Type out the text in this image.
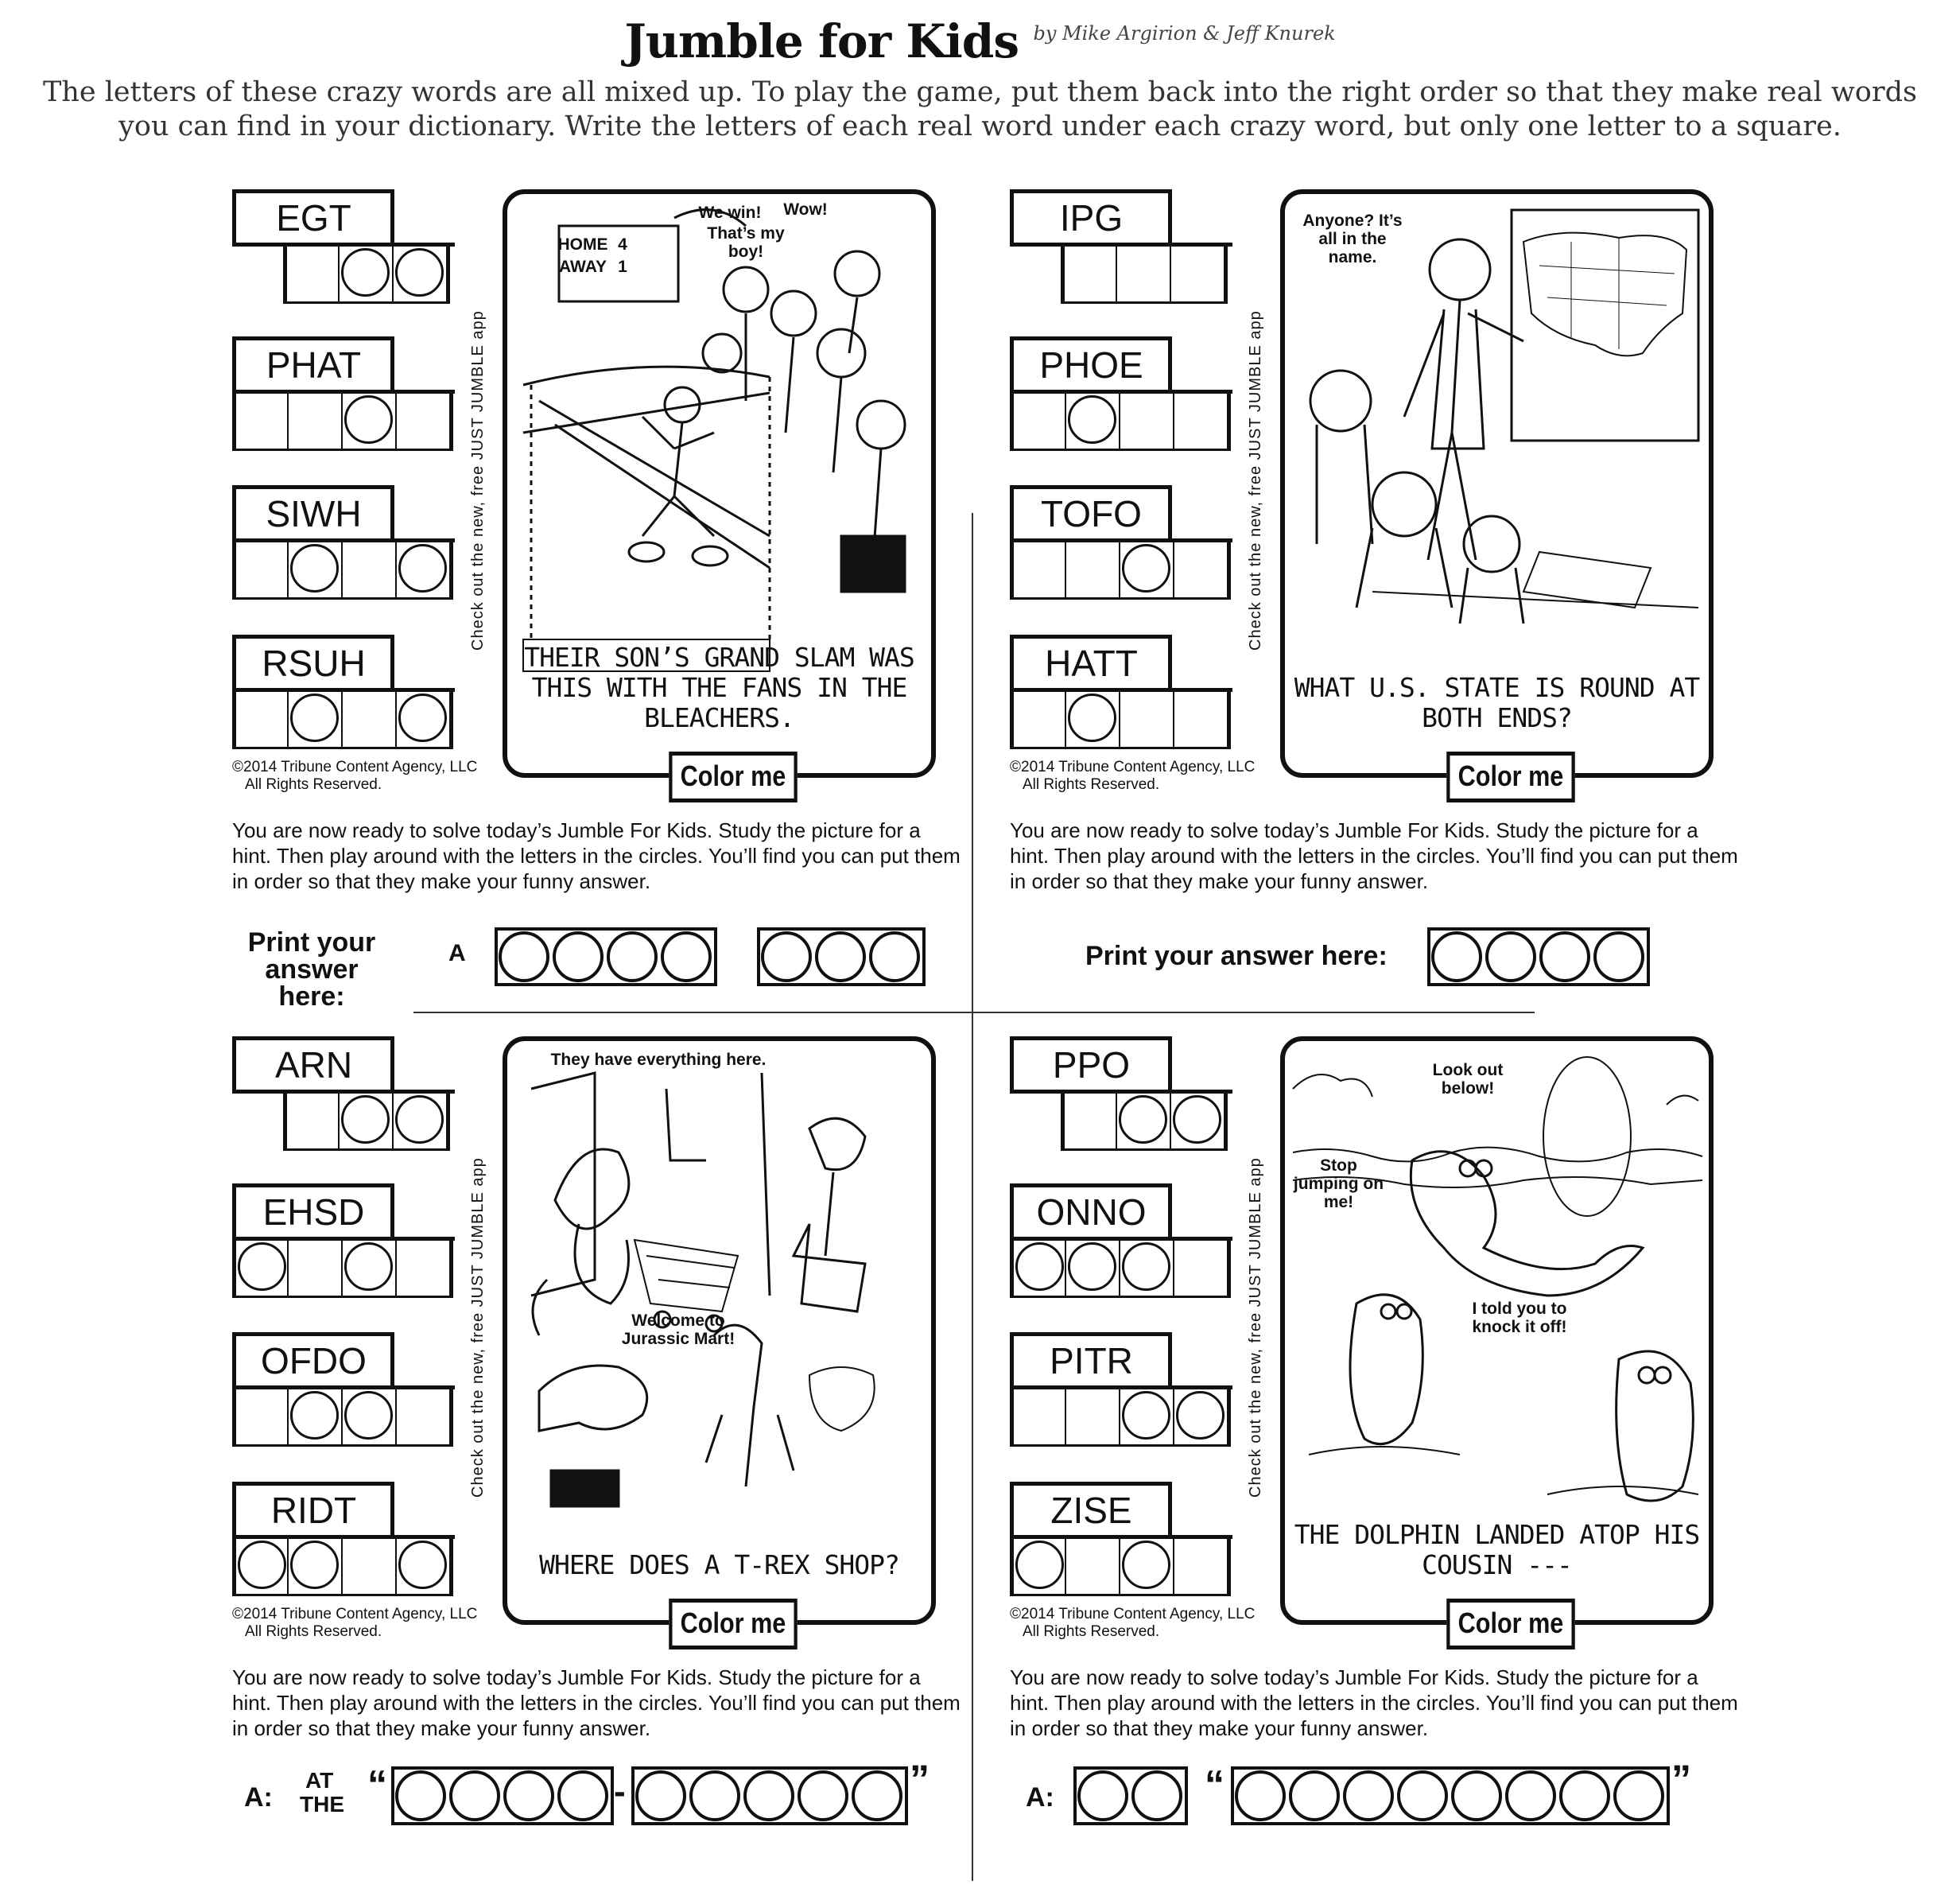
Jumble for Kids by Mike Argirion & Jeff Knurek
The letters of these crazy words are all mixed up. To play the game, put them back into the right order so that they make real words you can find in your dictionary. Write the letters of each real word under each crazy word, but only one letter to a square.
EGT
PHAT
SIWH
RSUH
Check out the new, free JUST JUMBLE app
We win!	Wow!
That’s my boy!
HOME 4
AWAY 1
THEIR SON’S GRAND SLAM WAS THIS WITH THE FANS IN THE BLEACHERS.
Color me
©2014 Tribune Content Agency, LLC
All Rights Reserved.
You are now ready to solve today’s Jumble For Kids. Study the picture for a hint. Then play around with the letters in the circles. You’ll find you can put them in order so that they make your funny answer.
Print your answer here:
A
IPG
PHOE
TOFO
HATT
Check out the new, free JUST JUMBLE app
Anyone? It’s all in the name.
WHAT U.S. STATE IS ROUND AT BOTH ENDS?
Color me
©2014 Tribune Content Agency, LLC
All Rights Reserved.
You are now ready to solve today’s Jumble For Kids. Study the picture for a hint. Then play around with the letters in the circles. You’ll find you can put them in order so that they make your funny answer.
Print your answer here:
ARN
EHSD
OFDO
RIDT
Check out the new, free JUST JUMBLE app
They have everything here.
Welcome to Jurassic Mart!
WHERE DOES A T-REX SHOP?
Color me
©2014 Tribune Content Agency, LLC
All Rights Reserved.
You are now ready to solve today’s Jumble For Kids. Study the picture for a hint. Then play around with the letters in the circles. You’ll find you can put them in order so that they make your funny answer.
A:
AT
THE “	-	”
PPO
ONNO
PITR
ZISE
Check out the new, free JUST JUMBLE app
Look out below!
Stop jumping on me!
I told you to knock it off!
THE DOLPHIN LANDED ATOP HIS COUSIN ---
Color me
©2014 Tribune Content Agency, LLC
All Rights Reserved.
You are now ready to solve today’s Jumble For Kids. Study the picture for a hint. Then play around with the letters in the circles. You’ll find you can put them in order so that they make your funny answer.
A:	“	”
